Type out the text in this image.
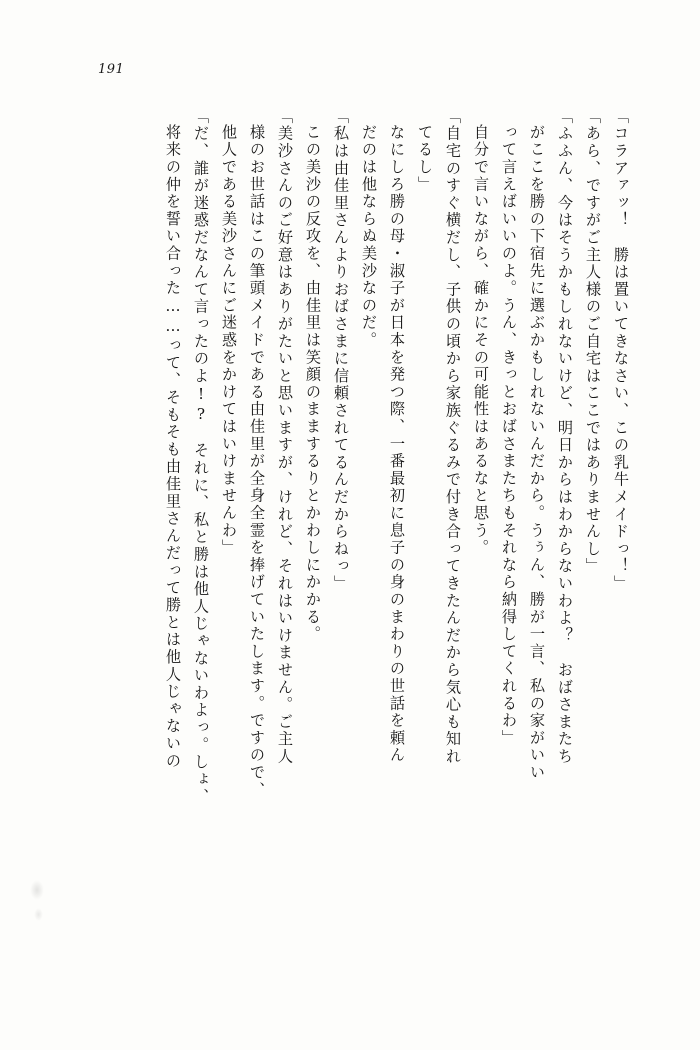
191
「コラアァッ！　勝は置いてきなさい、この乳牛メイドっ！」
「あら、ですがご主人様のご自宅はここではありませんし」
「ふふん、今はそうかもしれないけど、明日からはわからないわよ？　おばさまたち
がここを勝の下宿先に選ぶかもしれないんだから。うぅん、勝が一言、私の家がいい
って言えばいいのよ。うん、きっとおばさまたちもそれなら納得してくれるわ」
自分で言いながら、確かにその可能性はあるなと思う。
「自宅のすぐ横だし、子供の頃から家族ぐるみで付き合ってきたんだから気心も知れ
てるし」
なにしろ勝の母・淑子が日本を発つ際、一番最初に息子の身のまわりの世話を頼ん
だのは他ならぬ美沙なのだ。
「私は由佳里さんよりおばさまに信頼されてるんだからねっ」
この美沙の反攻を、由佳里は笑顔のままするりとかわしにかかる。
「美沙さんのご好意はありがたいと思いますが、けれど、それはいけません。ご主人
様のお世話はこの筆頭メイドである由佳里が全身全霊を捧げていたします。ですので、
他人である美沙さんにご迷惑をかけてはいけませんわ」
「だ、誰が迷惑だなんて言ったのよ!?　それに、私と勝は他人じゃないわよっ。しょ、
将来の仲を誓い合った……って、そもそも由佳里さんだって勝とは他人じゃないの
